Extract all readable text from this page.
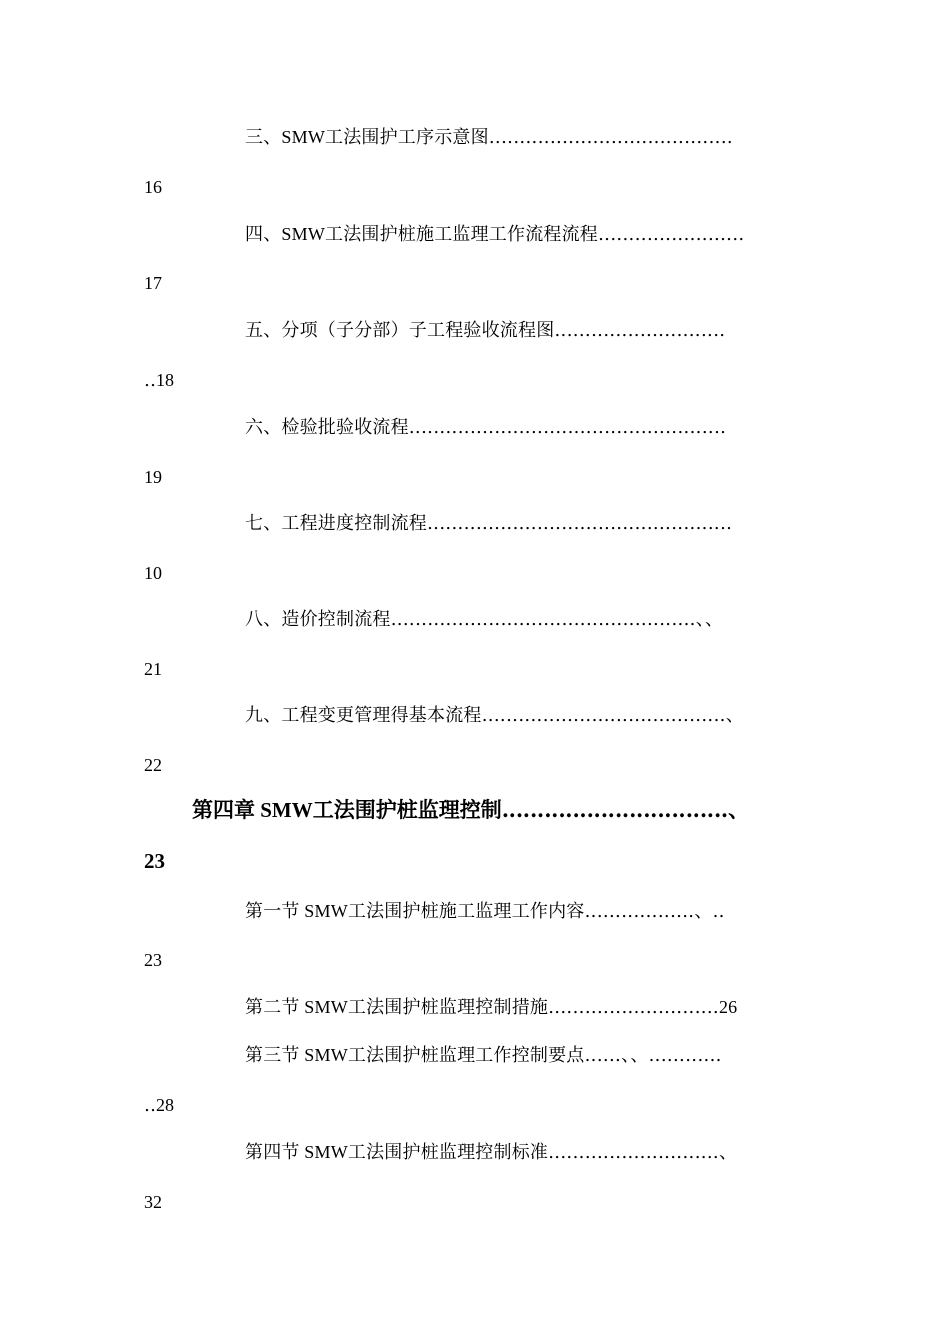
三、SMW工法围护工序示意图‥‥‥‥‥‥‥‥‥‥‥‥‥‥‥‥‥‥‥‥
16
四、SMW工法围护桩施工监理工作流程流程‥‥‥‥‥‥‥‥‥‥‥‥
17
五、分项（子分部）子工程验收流程图‥‥‥‥‥‥‥‥‥‥‥‥‥‥
‥18
六、检验批验收流程‥‥‥‥‥‥‥‥‥‥‥‥‥‥‥‥‥‥‥‥‥‥‥‥‥‥
19
七、工程进度控制流程‥‥‥‥‥‥‥‥‥‥‥‥‥‥‥‥‥‥‥‥‥‥‥‥‥
10
八、造价控制流程‥‥‥‥‥‥‥‥‥‥‥‥‥‥‥‥‥‥‥‥‥‥‥‥‥、、
21
九、工程变更管理得基本流程‥‥‥‥‥‥‥‥‥‥‥‥‥‥‥‥‥‥‥‥、
22
第四章 SMW工法围护桩监理控制‥‥‥‥‥‥‥‥‥‥‥‥‥‥‥‥、
23
第一节 SMW工法围护桩施工监理工作内容‥‥‥‥‥‥‥‥‥、‥
23
第二节 SMW工法围护桩监理控制措施‥‥‥‥‥‥‥‥‥‥‥‥‥‥26
第三节 SMW工法围护桩监理工作控制要点‥‥‥、、‥‥‥‥‥‥
‥28
第四节 SMW工法围护桩监理控制标准‥‥‥‥‥‥‥‥‥‥‥‥‥‥、
32
